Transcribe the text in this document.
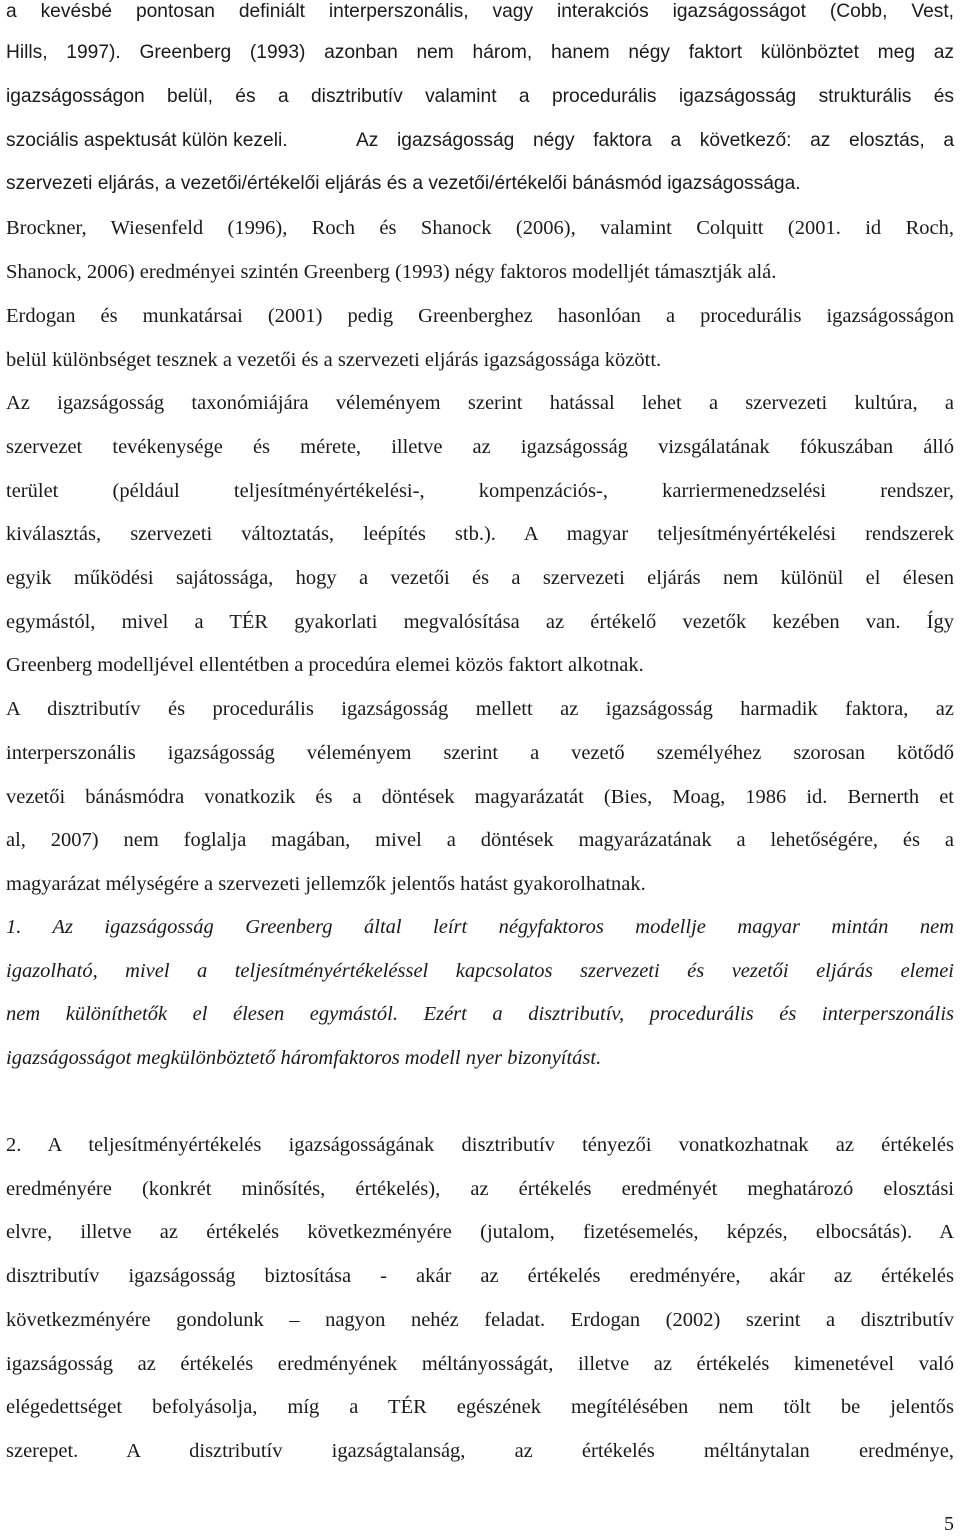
a kevésbé pontosan definiált interperszonális, vagy interakciós igazságosságot (Cobb, Vest,
Hills, 1997). Greenberg (1993) azonban nem három, hanem négy faktort különböztet meg az
igazságosságon belül, és a disztributív valamint a procedurális igazságosság strukturális és
szociális aspektusát külön kezeli.	Az igazságosság négy faktora a következő: az elosztás, a
szervezeti eljárás, a vezetői/értékelői eljárás és a vezetői/értékelői bánásmód igazságossága.
Brockner, Wiesenfeld (1996), Roch és Shanock (2006), valamint Colquitt (2001. id Roch,
Shanock, 2006) eredményei szintén Greenberg (1993) négy faktoros modelljét támasztják alá.
Erdogan és munkatársai (2001) pedig Greenberghez hasonlóan a procedurális igazságosságon
belül különbséget tesznek a vezetői és a szervezeti eljárás igazságossága között.
Az igazságosság taxonómiájára véleményem szerint hatással lehet a szervezeti kultúra, a
szervezet tevékenysége és mérete, illetve az igazságosság vizsgálatának fókuszában álló
terület (például teljesítményértékelési-, kompenzációs-, karriermenedzselési rendszer,
kiválasztás, szervezeti változtatás, leépítés stb.). A magyar teljesítményértékelési rendszerek
egyik működési sajátossága, hogy a vezetői és a szervezeti eljárás nem különül el élesen
egymástól, mivel a TÉR gyakorlati megvalósítása az értékelő vezetők kezében van. Így
Greenberg modelljével ellentétben a procedúra elemei közös faktort alkotnak.
A disztributív és procedurális igazságosság mellett az igazságosság harmadik faktora, az
interperszonális igazságosság véleményem szerint a vezető személyéhez szorosan kötődő
vezetői bánásmódra vonatkozik és a döntések magyarázatát (Bies, Moag, 1986 id. Bernerth et
al, 2007) nem foglalja magában, mivel a döntések magyarázatának a lehetőségére, és a
magyarázat mélységére a szervezeti jellemzők jelentős hatást gyakorolhatnak.
1. Az igazságosság Greenberg által leírt négyfaktoros modellje magyar mintán nem
igazolható, mivel a teljesítményértékeléssel kapcsolatos szervezeti és vezetői eljárás elemei
nem különíthetők el élesen egymástól. Ezért a disztributív, procedurális és interperszonális
igazságosságot megkülönböztető háromfaktoros modell nyer bizonyítást.
2. A teljesítményértékelés igazságosságának disztributív tényezői vonatkozhatnak az értékelés
eredményére (konkrét minősítés, értékelés), az értékelés eredményét meghatározó elosztási
elvre, illetve az értékelés következményére (jutalom, fizetésemelés, képzés, elbocsátás). A
disztributív igazságosság biztosítása - akár az értékelés eredményére, akár az értékelés
következményére gondolunk – nagyon nehéz feladat. Erdogan (2002) szerint a disztributív
igazságosság az értékelés eredményének méltányosságát, illetve az értékelés kimenetével való
elégedettséget befolyásolja, míg a TÉR egészének megítélésében nem tölt be jelentős
szerepet. A disztributív igazságtalanság, az értékelés méltánytalan eredménye,
5
